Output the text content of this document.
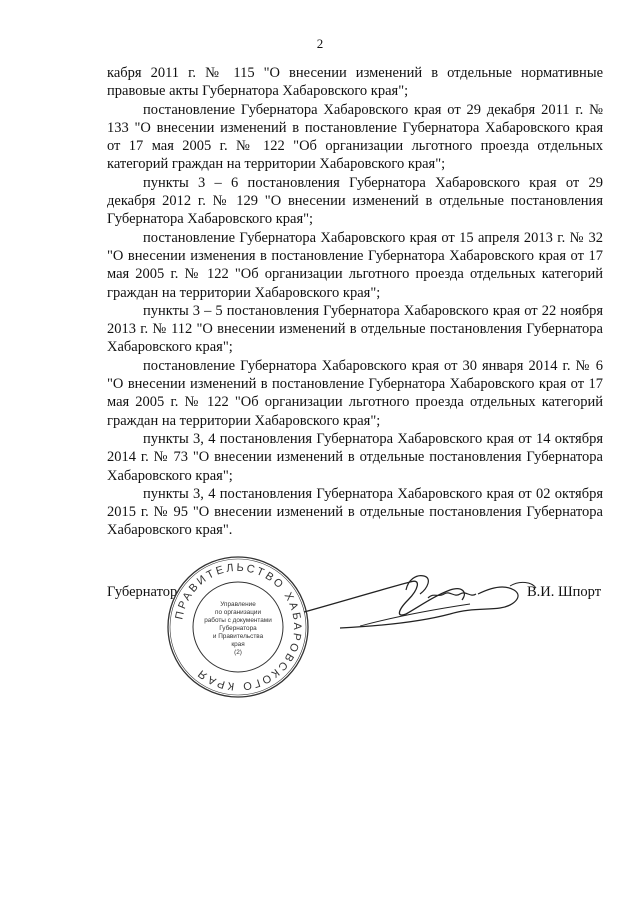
2

кабря 2011 г. № 115 "О внесении изменений в отдельные нормативные правовые акты Губернатора Хабаровского края";

постановление Губернатора Хабаровского края от 29 декабря 2011 г. № 133 "О внесении изменений в постановление Губернатора Хабаровского края от 17 мая 2005 г. № 122 "Об организации льготного проезда отдельных категорий граждан на территории Хабаровского края";

пункты 3 – 6 постановления Губернатора Хабаровского края от 29 декабря 2012 г. № 129 "О внесении изменений в отдельные постановления Губернатора Хабаровского края";

постановление Губернатора Хабаровского края от 15 апреля 2013 г. № 32 "О внесении изменения в постановление Губернатора Хабаровского края от 17 мая 2005 г. № 122 "Об организации льготного проезда отдельных категорий граждан на территории Хабаровского края";

пункты 3 – 5 постановления Губернатора Хабаровского края от 22 ноября 2013 г. № 112 "О внесении изменений в отдельные постановления Губернатора Хабаровского края";

постановление Губернатора Хабаровского края от 30 января 2014 г. № 6 "О внесении изменений в постановление Губернатора Хабаровского края от 17 мая 2005 г. № 122 "Об организации льготного проезда отдельных категорий граждан на территории Хабаровского края";

пункты 3, 4 постановления Губернатора Хабаровского края от 14 октября 2014 г. № 73 "О внесении изменений в отдельные постановления Губернатора Хабаровского края";

пункты 3, 4 постановления Губернатора Хабаровского края от 02 октября 2015 г. № 95 "О внесении изменений в отдельные постановления Губернатора Хабаровского края".

Губернатор
ПРАВИТЕЛЬСТВО ХАБАРОВСКОГО КРАЯ
Управление
по организации
работы с документами
Губернатора
и Правительства
края
(2)
В.И. Шпорт
